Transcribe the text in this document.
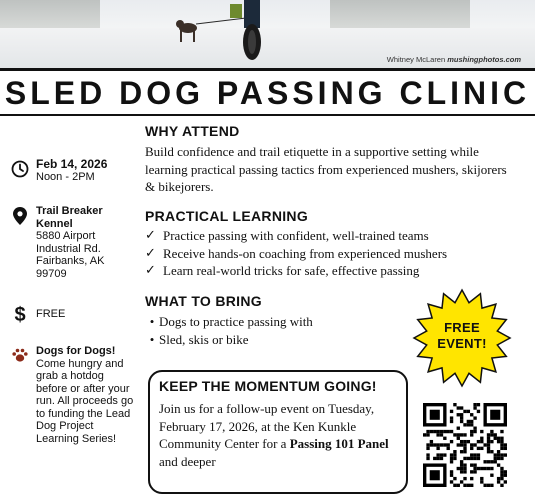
Whitney McLaren mushingphotos.com
SLED DOG PASSING CLINIC
Feb 14, 2026
Noon - 2PM
Trail Breaker Kennel
5880 Airport
Industrial Rd.
Fairbanks, AK
99709
$ FREE
Dogs for Dogs!
Come hungry and grab a hotdog before or after your run. All proceeds go to funding the Lead Dog Project Learning Series!
WHY ATTEND
Build confidence and trail etiquette in a supportive setting while learning practical passing tactics from experienced mushers, skijorers & bikejorers.
PRACTICAL LEARNING
✓ Practice passing with confident, well-trained teams
✓ Receive hands-on coaching from experienced mushers
✓ Learn real-world tricks for safe, effective passing
WHAT TO BRING
• Dogs to practice passing with
• Sled, skis or bike
FREE
EVENT!
KEEP THE MOMENTUM GOING!
Join us for a follow-up event on Tuesday, February 17, 2026, at the Ken Kunkle Community Center for a Passing 101 Panel and deeper
